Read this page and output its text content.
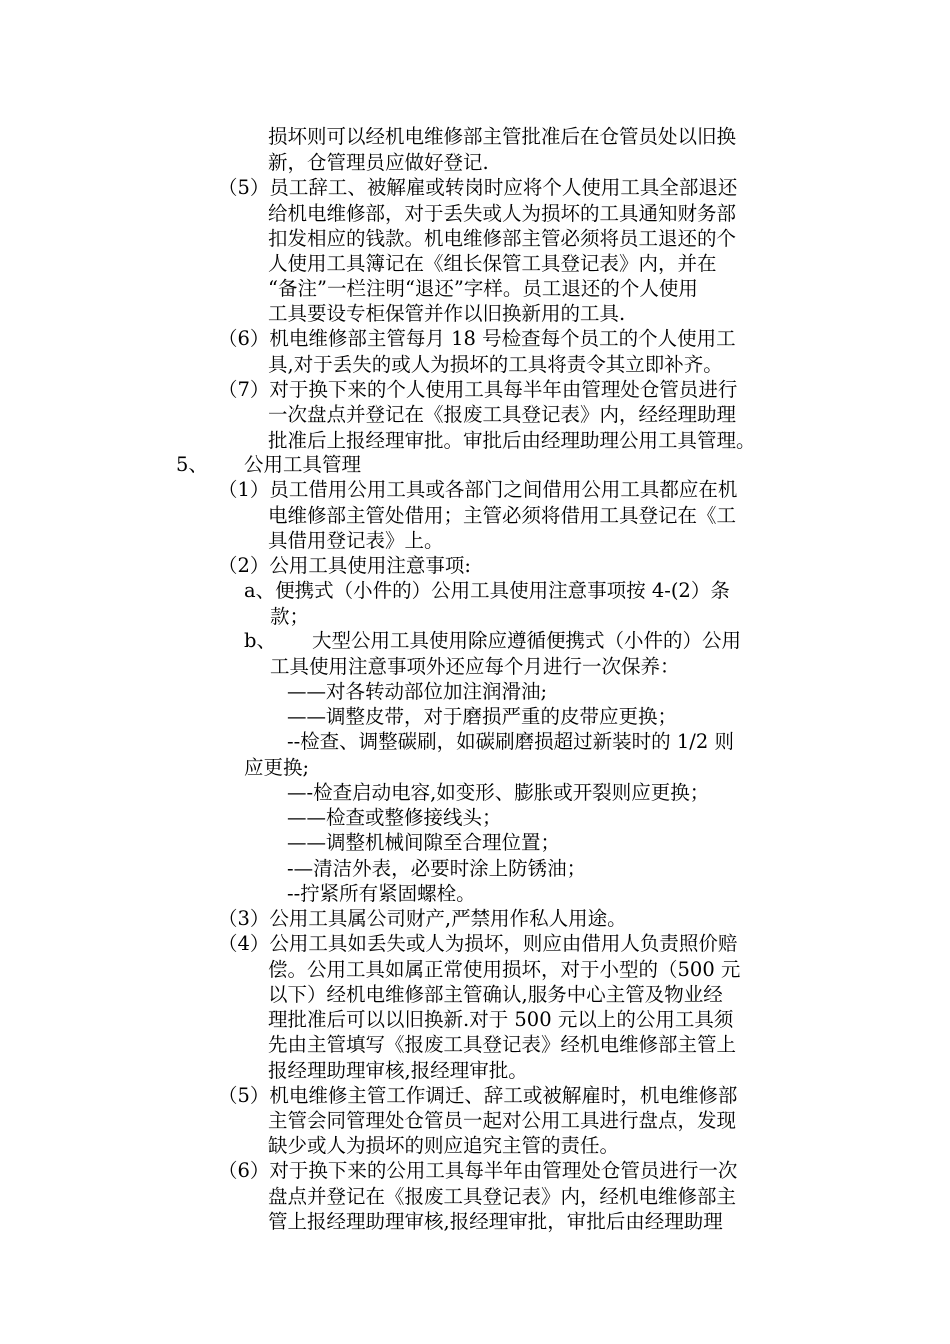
损坏则可以经机电维修部主管批准后在仓管员处以旧换
新，仓管理员应做好登记.
（5）员工辞工、被解雇或转岗时应将个人使用工具全部退还
给机电维修部，对于丢失或人为损坏的工具通知财务部
扣发相应的钱款。机电维修部主管必须将员工退还的个
人使用工具簿记在《组长保管工具登记表》内，并在
“备注”一栏注明“退还”字样。员工退还的个人使用
工具要设专柜保管并作以旧换新用的工具.
（6）机电维修部主管每月 18 号检查每个员工的个人使用工
具,对于丢失的或人为损坏的工具将责令其立即补齐。
（7）对于换下来的个人使用工具每半年由管理处仓管员进行
一次盘点并登记在《报废工具登记表》内，经经理助理
批准后上报经理审批。审批后由经理助理公用工具管理。
5、 公用工具管理
（1）员工借用公用工具或各部门之间借用公用工具都应在机
电维修部主管处借用；主管必须将借用工具登记在《工
具借用登记表》上。
（2）公用工具使用注意事项:
a、便携式（小件的）公用工具使用注意事项按 4-(2）条
款；
b、 大型公用工具使用除应遵循便携式（小件的）公用
工具使用注意事项外还应每个月进行一次保养：
——对各转动部位加注润滑油;
——调整皮带，对于磨损严重的皮带应更换；
--检查、调整碳刷，如碳刷磨损超过新装时的 1/2 则
应更换;
—-检查启动电容,如变形、膨胀或开裂则应更换；
——检查或整修接线头；
——调整机械间隙至合理位置；
-—清洁外表，必要时涂上防锈油；
--拧紧所有紧固螺栓。
（3）公用工具属公司财产,严禁用作私人用途。
（4）公用工具如丢失或人为损坏，则应由借用人负责照价赔
偿。公用工具如属正常使用损坏，对于小型的（500 元
以下）经机电维修部主管确认,服务中心主管及物业经
理批准后可以以旧换新.对于 500 元以上的公用工具须
先由主管填写《报废工具登记表》经机电维修部主管上
报经理助理审核,报经理审批。
（5）机电维修主管工作调迁、辞工或被解雇时，机电维修部
主管会同管理处仓管员一起对公用工具进行盘点，发现
缺少或人为损坏的则应追究主管的责任。
（6）对于换下来的公用工具每半年由管理处仓管员进行一次
盘点并登记在《报废工具登记表》内，经机电维修部主
管上报经理助理审核,报经理审批，审批后由经理助理
